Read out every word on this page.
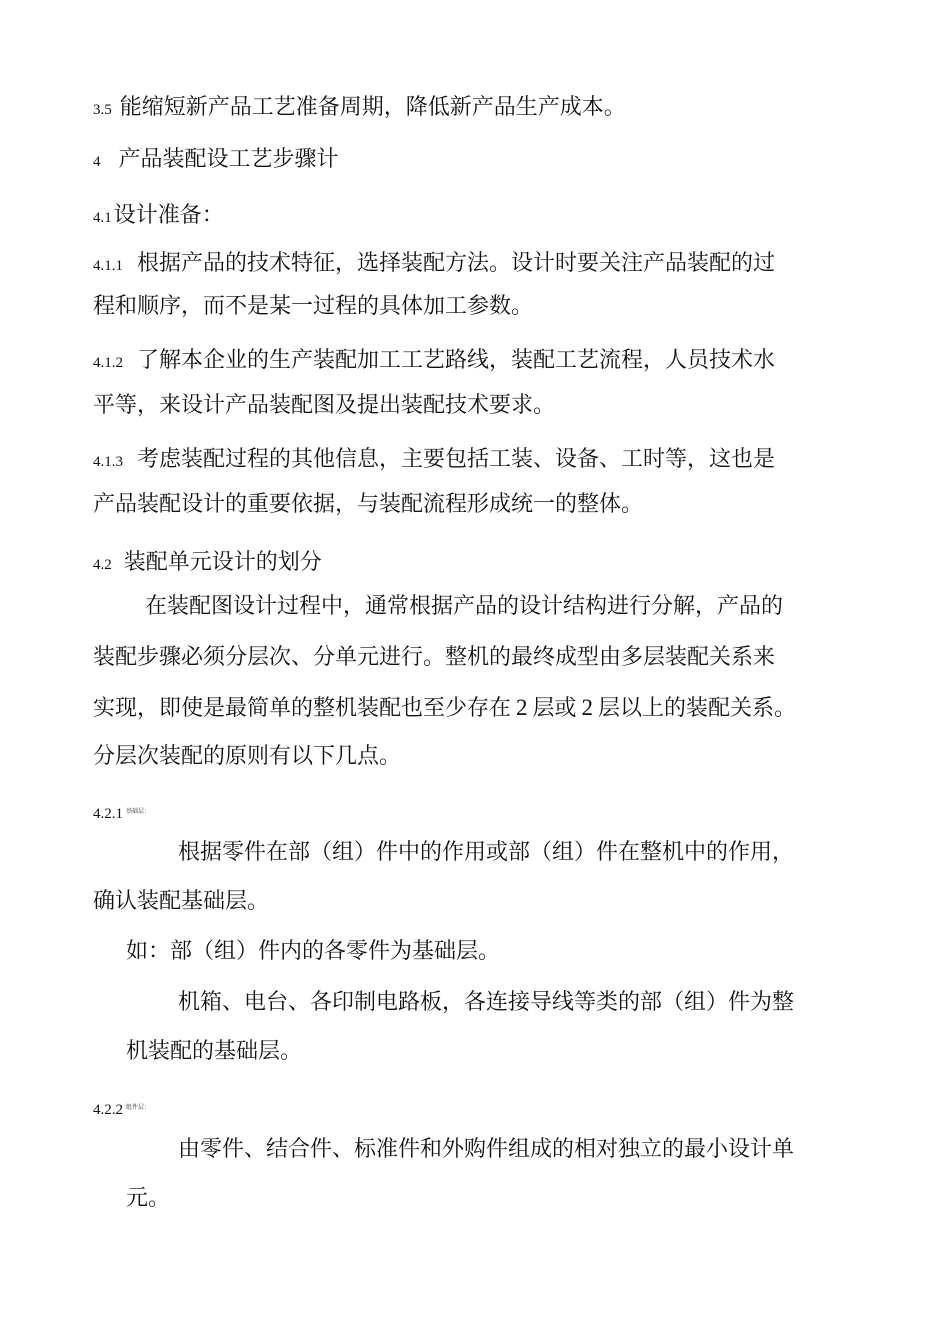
3.5 能缩短新产品工艺准备周期，降低新产品生产成本。
4 产品装配设工艺步骤计
4.1设计准备：
4.1.1 根据产品的技术特征，选择装配方法。设计时要关注产品装配的过
程和顺序，而不是某一过程的具体加工参数。
4.1.2 了解本企业的生产装配加工工艺路线，装配工艺流程，人员技术水
平等，来设计产品装配图及提出装配技术要求。
4.1.3 考虑装配过程的其他信息，主要包括工装、设备、工时等，这也是
产品装配设计的重要依据，与装配流程形成统一的整体。
4.2 装配单元设计的划分
在装配图设计过程中，通常根据产品的设计结构进行分解，产品的
装配步骤必须分层次、分单元进行。整机的最终成型由多层装配关系来
实现，即使是最简单的整机装配也至少存在 2 层或 2 层以上的装配关系。
分层次装配的原则有以下几点。
4.2.1 $^{基础层:}$
根据零件在部（组）件中的作用或部（组）件在整机中的作用，
确认装配基础层。
如：部（组）件内的各零件为基础层。
机箱、电台、各印制电路板，各连接导线等类的部（组）件为整
机装配的基础层。
4.2.2 $^{组件层:}$
由零件、结合件、标准件和外购件组成的相对独立的最小设计单
元。
